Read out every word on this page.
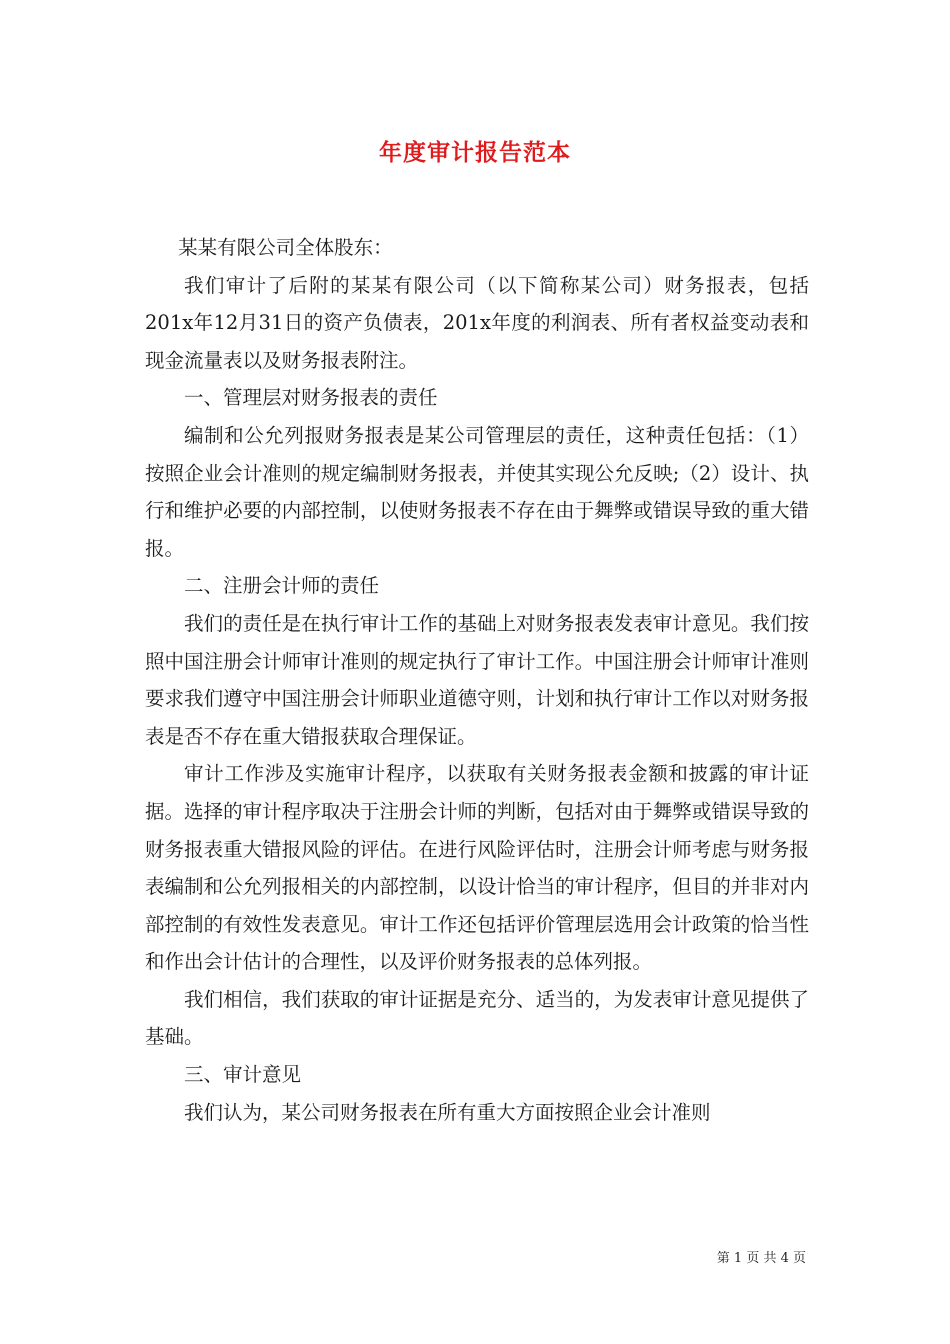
年度审计报告范本

某某有限公司全体股东：

我们审计了后附的某某有限公司（以下简称某公司）财务报表，包括201x年12月31日的资产负债表，201x年度的利润表、所有者权益变动表和现金流量表以及财务报表附注。

一、管理层对财务报表的责任

编制和公允列报财务报表是某公司管理层的责任，这种责任包括：（1）按照企业会计准则的规定编制财务报表，并使其实现公允反映;（2）设计、执行和维护必要的内部控制，以使财务报表不存在由于舞弊或错误导致的重大错报。

二、注册会计师的责任

我们的责任是在执行审计工作的基础上对财务报表发表审计意见。我们按照中国注册会计师审计准则的规定执行了审计工作。中国注册会计师审计准则要求我们遵守中国注册会计师职业道德守则，计划和执行审计工作以对财务报表是否不存在重大错报获取合理保证。

审计工作涉及实施审计程序，以获取有关财务报表金额和披露的审计证据。选择的审计程序取决于注册会计师的判断，包括对由于舞弊或错误导致的财务报表重大错报风险的评估。在进行风险评估时，注册会计师考虑与财务报表编制和公允列报相关的内部控制，以设计恰当的审计程序，但目的并非对内部控制的有效性发表意见。审计工作还包括评价管理层选用会计政策的恰当性和作出会计估计的合理性，以及评价财务报表的总体列报。

我们相信，我们获取的审计证据是充分、适当的，为发表审计意见提供了基础。

三、审计意见

我们认为，某公司财务报表在所有重大方面按照企业会计准则

第 1 页 共 4 页
